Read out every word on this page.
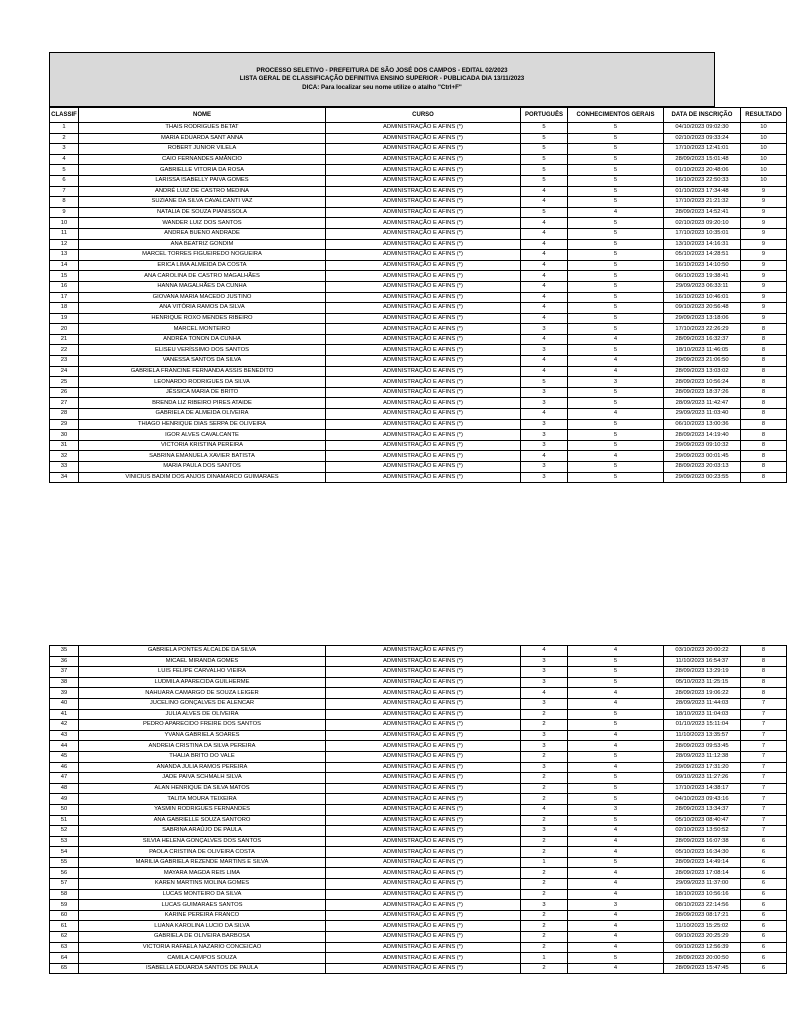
PROCESSO SELETIVO - PREFEITURA DE SÃO JOSÉ DOS CAMPOS - EDITAL 02/2023
LISTA GERAL DE CLASSIFICAÇÃO DEFINITIVA ENSINO SUPERIOR - PUBLICADA DIA 13/11/2023
DICA: Para localizar seu nome utilize o atalho "Ctrl+F"
CLASSIF	NOME	CURSO	PORTUGUÊS	CONHECIMENTOS GERAIS	DATA DE INSCRIÇÃO	RESULTADO
1	THAIS RODRIGUES BETAT	ADMINISTRAÇÃO E AFINS (*)	5	5	04/10/2023 09:02:30	10
2	MARIA EDUARDA SANT ANNA	ADMINISTRAÇÃO E AFINS (*)	5	5	02/10/2023 09:33:24	10
3	ROBERT JUNIOR VILELA	ADMINISTRAÇÃO E AFINS (*)	5	5	17/10/2023 12:41:01	10
4	CAIO FERNANDES AMÂNCIO	ADMINISTRAÇÃO E AFINS (*)	5	5	28/09/2023 15:01:48	10
5	GABRIELLE VITORIA DA ROSA	ADMINISTRAÇÃO E AFINS (*)	5	5	01/10/2023 20:48:06	10
6	LARISSA ISABELLY PAIVA GOMES	ADMINISTRAÇÃO E AFINS (*)	5	5	16/10/2023 22:50:33	10
7	ANDRÉ LUIZ DE CASTRO MEDINA	ADMINISTRAÇÃO E AFINS (*)	4	5	01/10/2023 17:34:48	9
8	SUZIANE DA SILVA CAVALCANTI VAZ	ADMINISTRAÇÃO E AFINS (*)	4	5	17/10/2023 21:21:32	9
9	NATALIA DE SOUZA PIANISSOLA	ADMINISTRAÇÃO E AFINS (*)	5	4	28/09/2023 14:52:41	9
10	WANDER LUIZ DOS SANTOS	ADMINISTRAÇÃO E AFINS (*)	4	5	02/10/2023 09:20:10	9
11	ANDREA BUENO ANDRADE	ADMINISTRAÇÃO E AFINS (*)	4	5	17/10/2023 10:35:01	9
12	ANA BEATRIZ GONDIM	ADMINISTRAÇÃO E AFINS (*)	4	5	13/10/2023 14:16:31	9
13	MARCEL TORRES FIGUEIREDO NOGUEIRA	ADMINISTRAÇÃO E AFINS (*)	4	5	05/10/2023 14:28:51	9
14	ERICA LIMA ALMEIDA DA COSTA	ADMINISTRAÇÃO E AFINS (*)	4	5	16/10/2023 14:10:50	9
15	ANA CAROLINA DE CASTRO MAGALHÃES	ADMINISTRAÇÃO E AFINS (*)	4	5	06/10/2023 19:38:41	9
16	HANNA MAGALHÃES DA CUNHA	ADMINISTRAÇÃO E AFINS (*)	4	5	29/09/2023 06:33:11	9
17	GIOVANA MARIA MACEDO JUSTINO	ADMINISTRAÇÃO E AFINS (*)	4	5	16/10/2023 10:46:01	9
18	ANA VITÓRIA RAMOS DA SILVA	ADMINISTRAÇÃO E AFINS (*)	4	5	09/10/2023 20:56:48	9
19	HENRIQUE ROXO MENDES RIBEIRO	ADMINISTRAÇÃO E AFINS (*)	4	5	29/09/2023 13:18:06	9
20	MARCEL MONTEIRO	ADMINISTRAÇÃO E AFINS (*)	3	5	17/10/2023 22:26:29	8
21	ANDRÉA TONON DA CUNHA	ADMINISTRAÇÃO E AFINS (*)	4	4	28/09/2023 16:32:37	8
22	ELISEU VERÍSSIMO DOS SANTOS	ADMINISTRAÇÃO E AFINS (*)	3	5	18/10/2023 11:46:05	8
23	VANESSA SANTOS DA SILVA	ADMINISTRAÇÃO E AFINS (*)	4	4	29/09/2023 21:06:50	8
24	GABRIELA FRANCINE FERNANDA ASSIS BENEDITO	ADMINISTRAÇÃO E AFINS (*)	4	4	28/09/2023 13:03:02	8
25	LEONARDO RODRIGUES DA SILVA	ADMINISTRAÇÃO E AFINS (*)	5	3	28/09/2023 10:56:24	8
26	JÉSSICA MARIA DE BRITO	ADMINISTRAÇÃO E AFINS (*)	3	5	28/09/2023 18:37:26	8
27	BRENDA LIZ RIBEIRO PIRES ATAIDE	ADMINISTRAÇÃO E AFINS (*)	3	5	28/09/2023 11:42:47	8
28	GABRIELA DE ALMEIDA OLIVEIRA	ADMINISTRAÇÃO E AFINS (*)	4	4	29/09/2023 11:03:40	8
29	THIAGO HENRIQUE DIAS SERPA DE OLIVEIRA	ADMINISTRAÇÃO E AFINS (*)	3	5	06/10/2023 13:00:36	8
30	IGOR ALVES CAVALCANTE	ADMINISTRAÇÃO E AFINS (*)	3	5	28/09/2023 14:19:40	8
31	VICTORIA KRISTINA PEREIRA	ADMINISTRAÇÃO E AFINS (*)	3	5	29/09/2023 09:10:32	8
32	SABRINA EMANUELA XAVIER BATISTA	ADMINISTRAÇÃO E AFINS (*)	4	4	29/09/2023 00:01:45	8
33	MARIA PAULA DOS SANTOS	ADMINISTRAÇÃO E AFINS (*)	3	5	28/09/2023 20:03:13	8
34	VINICIUS BADIM DOS ANJOS DINAMARCO GUIMARAES	ADMINISTRAÇÃO E AFINS (*)	3	5	29/09/2023 00:23:55	8
35	GABRIELA PONTES ALCALDE DA SILVA	ADMINISTRAÇÃO E AFINS (*)	4	4	03/10/2023 20:00:22	8
36	MICAEL MIRANDA GOMES	ADMINISTRAÇÃO E AFINS (*)	3	5	11/10/2023 16:54:37	8
37	LUIS FELIPE CARVALHO VIEIRA	ADMINISTRAÇÃO E AFINS (*)	3	5	28/09/2023 13:29:19	8
38	LUDMILA APARECIDA GUILHERME	ADMINISTRAÇÃO E AFINS (*)	3	5	05/10/2023 11:25:15	8
39	NAHUARA CAMARGO DE SOUZA LEIGER	ADMINISTRAÇÃO E AFINS (*)	4	4	28/09/2023 19:06:22	8
40	JUCELINO GONÇALVES DE ALENCAR	ADMINISTRAÇÃO E AFINS (*)	3	4	28/09/2023 11:44:03	7
41	JULIA ALVES DE OLIVEIRA	ADMINISTRAÇÃO E AFINS (*)	2	5	18/10/2023 11:04:03	7
42	PEDRO APARECIDO FREIRE DOS SANTOS	ADMINISTRAÇÃO E AFINS (*)	2	5	01/10/2023 15:11:04	7
43	YVANA GABRIELA SOARES	ADMINISTRAÇÃO E AFINS (*)	3	4	11/10/2023 13:35:57	7
44	ANDREIA CRISTINA DA SILVA PEREIRA	ADMINISTRAÇÃO E AFINS (*)	3	4	28/09/2023 09:53:45	7
45	THALIA BRITO DO VALE	ADMINISTRAÇÃO E AFINS (*)	2	5	28/09/2023 11:12:38	7
46	ANANDA JULIA RAMOS PEREIRA	ADMINISTRAÇÃO E AFINS (*)	3	4	29/09/2023 17:31:20	7
47	JADE PAIVA SCHMALH SILVA	ADMINISTRAÇÃO E AFINS (*)	2	5	09/10/2023 11:27:26	7
48	ALAN HENRIQUE DA SILVA MATOS	ADMINISTRAÇÃO E AFINS (*)	2	5	17/10/2023 14:38:17	7
49	TALITA MOURA TEIXEIRA	ADMINISTRAÇÃO E AFINS (*)	2	5	04/10/2023 09:43:16	7
50	YASMIN RODRIGUES FERNANDES	ADMINISTRAÇÃO E AFINS (*)	4	3	28/09/2023 13:34:37	7
51	ANA GABRIELLE SOUZA SANTORO	ADMINISTRAÇÃO E AFINS (*)	2	5	05/10/2023 08:40:47	7
52	SABRINA ARAÚJO DE PAULA	ADMINISTRAÇÃO E AFINS (*)	3	4	02/10/2023 13:50:52	7
53	SILVIA HELENA GONÇALVES DOS SANTOS	ADMINISTRAÇÃO E AFINS (*)	2	4	28/09/2023 16:07:38	6
54	PAOLA CRISTINA DE OLIVEIRA COSTA	ADMINISTRAÇÃO E AFINS (*)	2	4	05/10/2023 16:34:30	6
55	MARILIA GABRIELA REZENDE MARTINS E SILVA	ADMINISTRAÇÃO E AFINS (*)	1	5	28/09/2023 14:49:14	6
56	MAYARA MAGDA REIS LIMA	ADMINISTRAÇÃO E AFINS (*)	2	4	28/09/2023 17:08:14	6
57	KAREN MARTINS MOLINA GOMES	ADMINISTRAÇÃO E AFINS (*)	2	4	29/09/2023 11:37:00	6
58	LUCAS MONTEIRO DA SILVA	ADMINISTRAÇÃO E AFINS (*)	2	4	18/10/2023 10:56:16	6
59	LUCAS GUIMARAES SANTOS	ADMINISTRAÇÃO E AFINS (*)	3	3	08/10/2023 22:14:56	6
60	KARINE PEREIRA FRANCO	ADMINISTRAÇÃO E AFINS (*)	2	4	28/09/2023 08:17:21	6
61	LUANA KAROLINA LUCIO DA SILVA	ADMINISTRAÇÃO E AFINS (*)	2	4	11/10/2023 15:25:02	6
62	GABRIELA DE OLIVEIRA BARBOSA	ADMINISTRAÇÃO E AFINS (*)	2	4	09/10/2023 20:25:29	6
63	VICTORIA RAFAELA NAZARIO CONCEICAO	ADMINISTRAÇÃO E AFINS (*)	2	4	09/10/2023 12:56:39	6
64	CAMILA CAMPOS SOUZA	ADMINISTRAÇÃO E AFINS (*)	1	5	28/09/2023 20:00:50	6
65	ISABELLA EDUARDA SANTOS DE PAULA	ADMINISTRAÇÃO E AFINS (*)	2	4	28/09/2023 15:47:45	6
